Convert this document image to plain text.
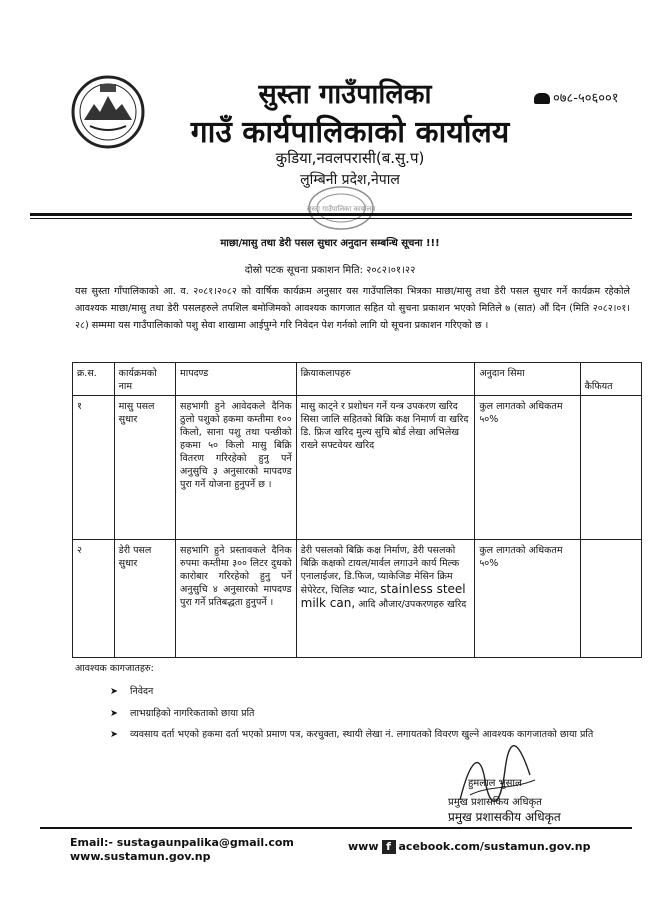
सुस्ता गाउँपालिका
गाउँ कार्यपालिकाको कार्यालय
०७८-५०६००१
कुडिया,नवलपरासी(ब.सु.प)
लुम्बिनी प्रदेश,नेपाल
सुस्ता गाउँपालिका कार्यालय
माछा/मासु तथा डेरी पसल सुधार अनुदान सम्बन्धि सूचना !!!
दोस्रो पटक सूचना प्रकाशन मिति: २०८२।०१।२२
यस सुस्ता गाँपालिकाको आ. व. २०८१।२०८२ को वार्षिक कार्यक्रम अनुसार यस गाउँपालिका भित्रका माछा/मासु तथा डेरी पसल सुधार गर्ने कार्यक्रम रहेकोले आवश्यक माछा/मासु तथा डेरी पसलहरुले तपशिल बमोजिमको आवश्यक कागजात सहित यो सुचना प्रकाशन भएको मितिले ७ (सात) औं दिन (मिति २०८२।०१।२८) सम्ममा यस गाउँपालिकाको पशु सेवा शाखामा आईपुग्ने गरि निवेदन पेश गर्नको लागि यो सूचना प्रकाशन गरिएको छ ।
क्र.स.	कार्यक्रमको नाम	मापदण्ड	क्रियाकलापहरु	अनुदान सिमा	कैफियत
१	मासु पसल सुधार	सहभागी हुने आवेदकले दैनिक ठुलो पशुको हकमा कम्तीमा १०० किलो, साना पशु तथा पन्छीको हकमा ५० किलो मासु बिक्रि वितरण गरिरहेको हुनु पर्ने अनुसुचि ३ अनुसारको मापदण्ड पुरा गर्ने योजना हुनुपर्ने छ ।	मासु काट्ने र प्रशोधन गर्ने यन्त्र उपकरण खरिद सिसा जालि सहितको बिक्रि कक्ष निमार्ण वा खरिद डि. फ्रिज खरिद मुल्य सुचि बोर्ड लेखा अभिलेख राख्ने सफ्टवेयर खरिद	कुल लागतको अधिकतम ५०%	
२	डेरी पसल सुधार	सहभागि हुने प्रस्तावकले दैनिक रुपमा कम्तीमा ३०० लिटर दुधको कारोबार गरिरहेको हुनु पर्ने अनुसुचि ४ अनुसारको मापदण्ड पुरा गर्ने प्रतिबद्धता हुनुपर्ने ।	डेरी पसलको बिक्रि कक्ष निर्माण, डेरी पसलको बिक्रि कक्षको टायल/मार्वल लगाउने कार्य मिल्क एनालाईजर, डि.फिज, प्याकेजिङ मेसिन क्रिम सेपेरेटर, चिलिङ भ्याट, stainless steel milk can, आदि औजार/उपकरणहरु खरिद	कुल लागतको अधिकतम ५०%	
आवश्यक कागजातहरु:
➤ निवेदन
➤ लाभग्राहिको नागरिकताको छाया प्रति
➤ व्यवसाय दर्ता भएको हकमा दर्ता भएको प्रमाण पत्र, करचुक्ता, स्थायी लेखा नं. लगायतको विवरण खुल्ने आवश्यक कागजातको छाया प्रति
हुमलाल भुसाल
प्रमुख प्रशासकिय अधिकृत
प्रमुख प्रशासकीय अधिकृत
Email:- sustagaunpalika@gmail.com
www.sustamun.gov.np
www f acebook.com/sustamun.gov.np
